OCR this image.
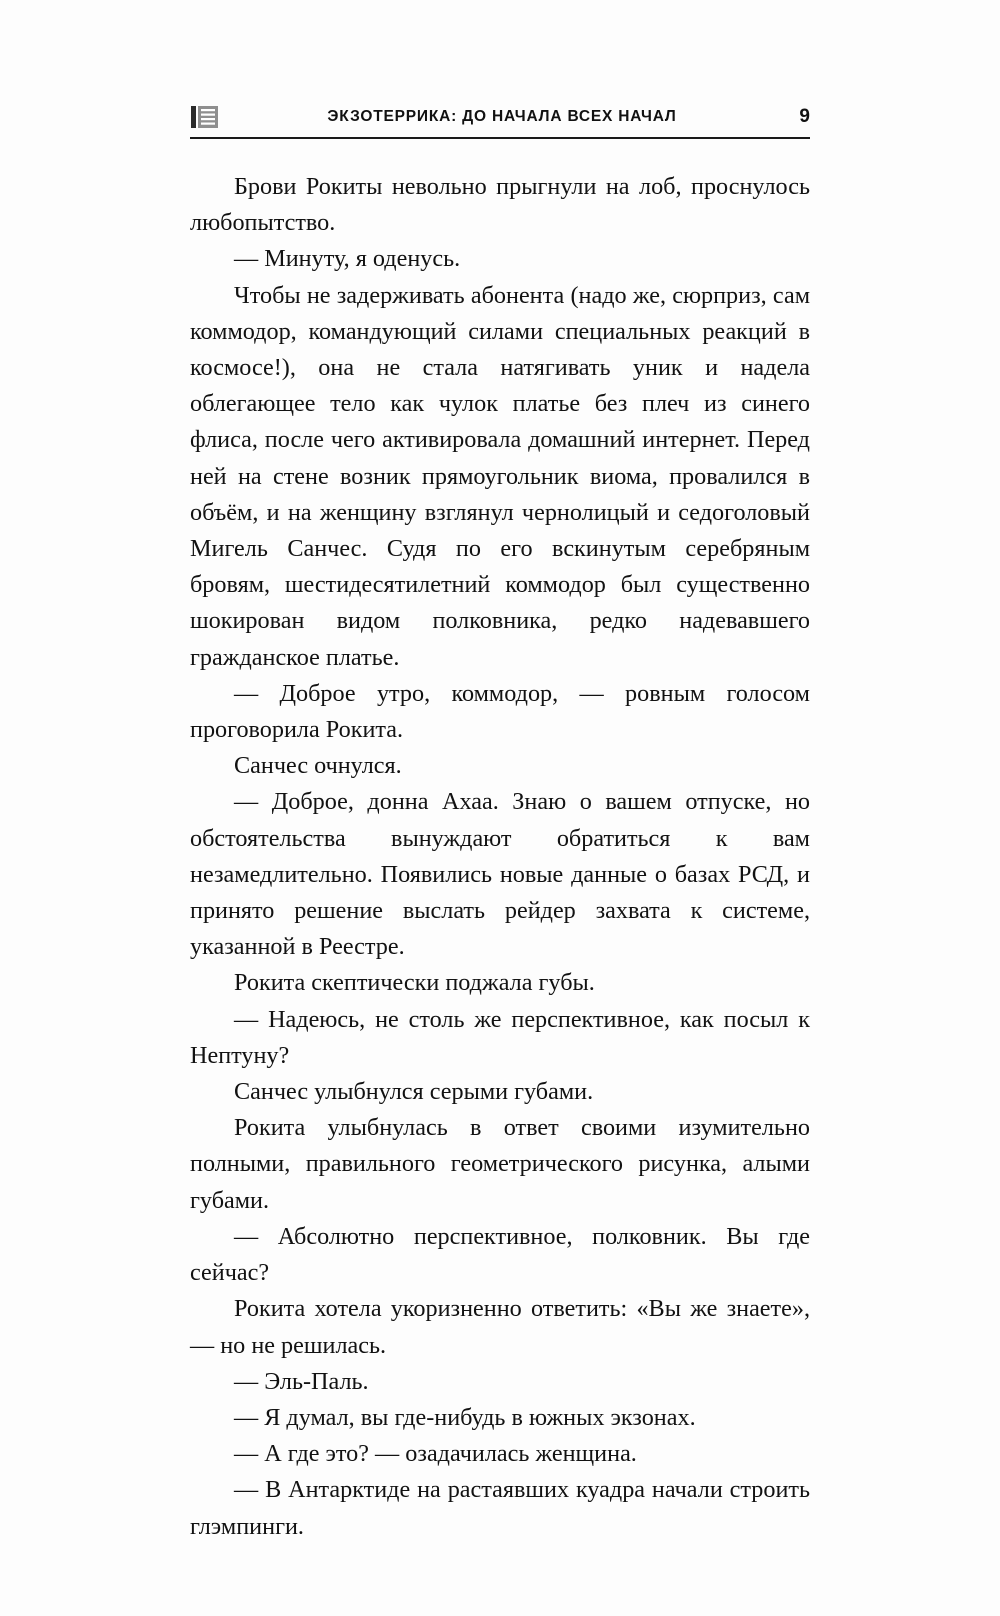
ЭКЗОТЕРРИКА: ДО НАЧАЛА ВСЕХ НАЧАЛ	9

Брови Рокиты невольно прыгнули на лоб, проснулось любопытство.

— Минуту, я оденусь.

Чтобы не задерживать абонента (надо же, сюрприз, сам коммодор, командующий силами специальных реакций в космосе!), она не стала натягивать уник и надела облегающее тело как чулок платье без плеч из синего флиса, после чего активировала домашний интернет. Перед ней на стене возник прямоугольник виома, провалился в объём, и на женщину взглянул чернолицый и седоголовый Мигель Санчес. Судя по его вскинутым серебряным бровям, шестидесятилетний коммодор был существенно шокирован видом полковника, редко надевавшего гражданское платье.

— Доброе утро, коммодор, — ровным голосом проговорила Рокита.

Санчес очнулся.

— Доброе, донна Ахаа. Знаю о вашем отпуске, но обстоятельства вынуждают обратиться к вам незамедлительно. Появились новые данные о базах РСД, и принято решение выслать рейдер захвата к системе, указанной в Реестре.

Рокита скептически поджала губы.

— Надеюсь, не столь же перспективное, как посыл к Нептуну?

Санчес улыбнулся серыми губами.

Рокита улыбнулась в ответ своими изумительно полными, правильного геометрического рисунка, алыми губами.

— Абсолютно перспективное, полковник. Вы где сейчас?

Рокита хотела укоризненно ответить: «Вы же знаете», — но не решилась.

— Эль-Паль.

— Я думал, вы где-нибудь в южных экзонах.

— А где это? — озадачилась женщина.

— В Антарктиде на растаявших куадра начали строить глэмпинги.
